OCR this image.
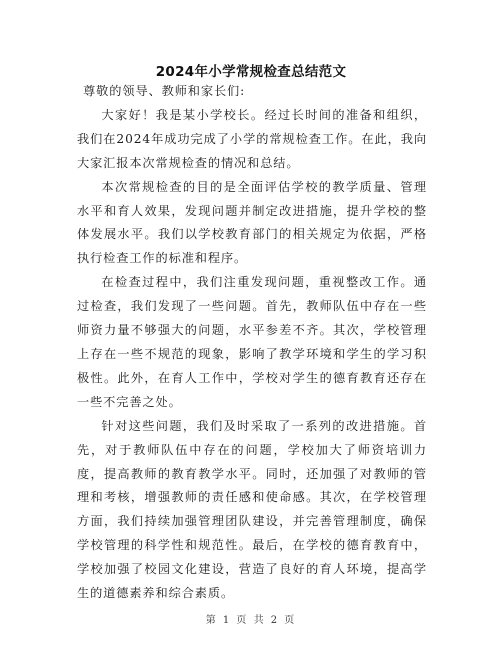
2024年小学常规检查总结范文

尊敬的领导、教师和家长们:

大家好！我是某小学校长。经过长时间的准备和组织，我们在2024年成功完成了小学的常规检查工作。在此，我向大家汇报本次常规检查的情况和总结。

本次常规检查的目的是全面评估学校的教学质量、管理水平和育人效果，发现问题并制定改进措施，提升学校的整体发展水平。我们以学校教育部门的相关规定为依据，严格执行检查工作的标准和程序。

在检查过程中，我们注重发现问题，重视整改工作。通过检查，我们发现了一些问题。首先，教师队伍中存在一些师资力量不够强大的问题，水平参差不齐。其次，学校管理上存在一些不规范的现象，影响了教学环境和学生的学习积极性。此外，在育人工作中，学校对学生的德育教育还存在一些不完善之处。

针对这些问题，我们及时采取了一系列的改进措施。首先，对于教师队伍中存在的问题，学校加大了师资培训力度，提高教师的教育教学水平。同时，还加强了对教师的管理和考核，增强教师的责任感和使命感。其次，在学校管理方面，我们持续加强管理团队建设，并完善管理制度，确保学校管理的科学性和规范性。最后，在学校的德育教育中，学校加强了校园文化建设，营造了良好的育人环境，提高学生的道德素养和综合素质。

第 1 页 共 2 页
